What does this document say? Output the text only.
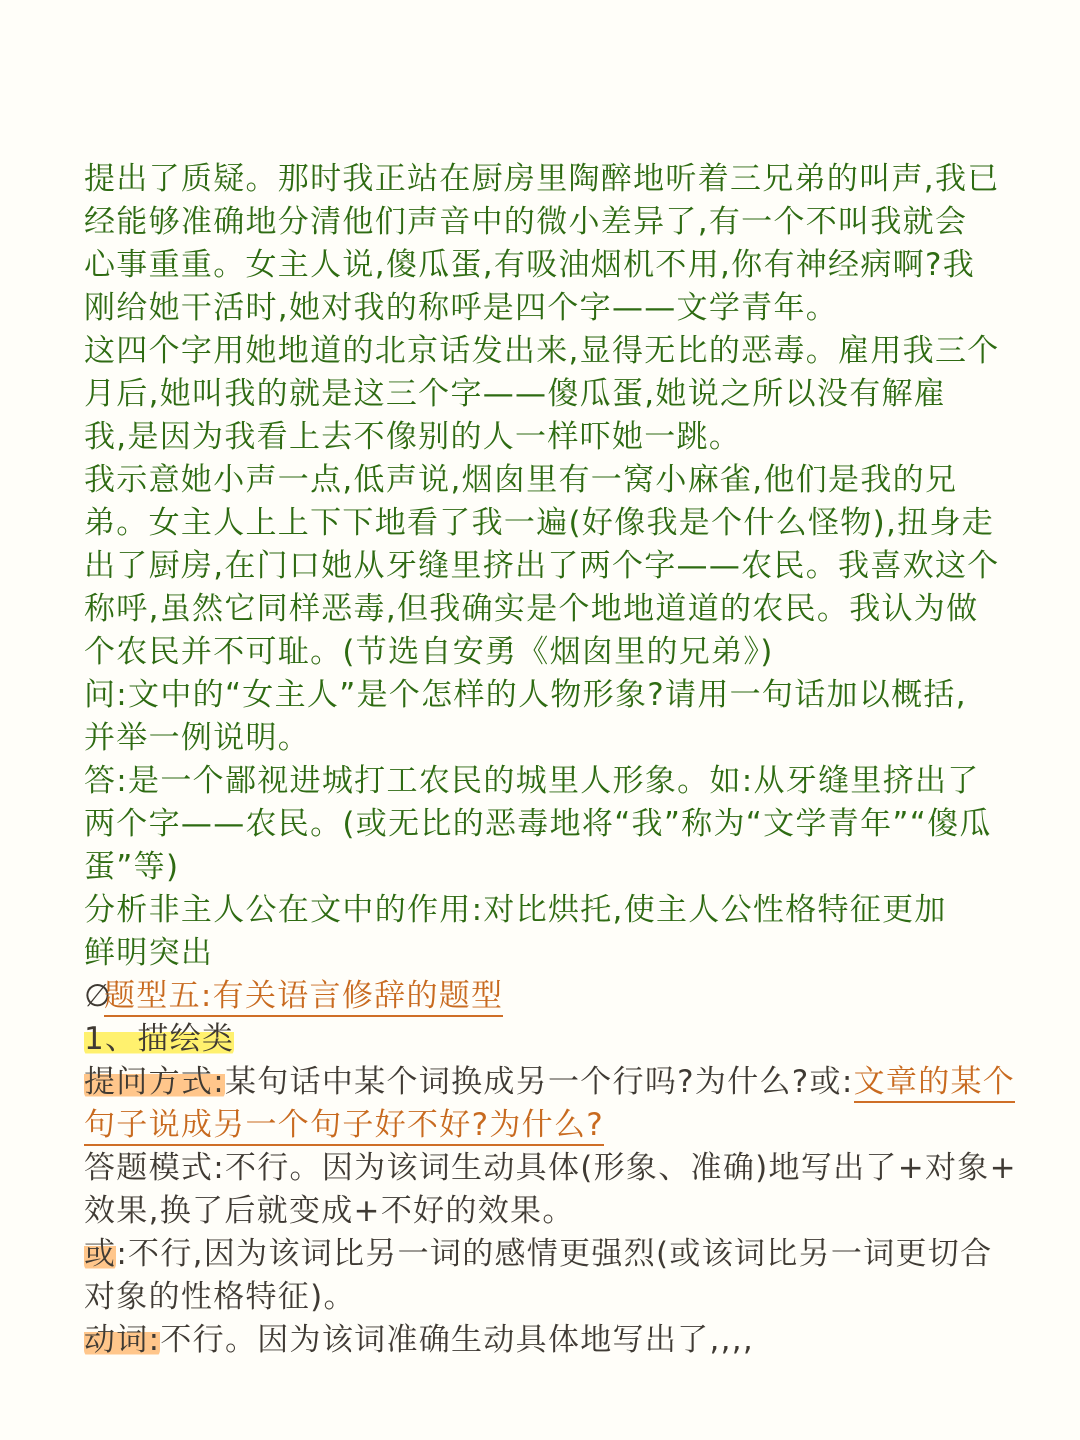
提出了质疑。那时我正站在厨房里陶醉地听着三兄弟的叫声,我已
经能够准确地分清他们声音中的微小差异了,有一个不叫我就会
心事重重。女主人说,傻瓜蛋,有吸油烟机不用,你有神经病啊?我
刚给她干活时,她对我的称呼是四个字——文学青年。
这四个字用她地道的北京话发出来,显得无比的恶毒。雇用我三个
月后,她叫我的就是这三个字——傻瓜蛋,她说之所以没有解雇
我,是因为我看上去不像别的人一样吓她一跳。
我示意她小声一点,低声说,烟囱里有一窝小麻雀,他们是我的兄
弟。女主人上上下下地看了我一遍(好像我是个什么怪物),扭身走
出了厨房,在门口她从牙缝里挤出了两个字——农民。我喜欢这个
称呼,虽然它同样恶毒,但我确实是个地地道道的农民。我认为做
个农民并不可耻。(节选自安勇《烟囱里的兄弟》)
问:文中的“女主人”是个怎样的人物形象?请用一句话加以概括,
并举一例说明。
答:是一个鄙视进城打工农民的城里人形象。如:从牙缝里挤出了
两个字——农民。(或无比的恶毒地将“我”称为“文学青年”“傻瓜
蛋”等)
分析非主人公在文中的作用:对比烘托,使主人公性格特征更加
鲜明突出
∅题型五:有关语言修辞的题型
1、描绘类
提问方式:某句话中某个词换成另一个行吗?为什么?或:文章的某个
句子说成另一个句子好不好?为什么?
答题模式:不行。因为该词生动具体(形象、准确)地写出了+对象+
效果,换了后就变成+不好的效果。
或:不行,因为该词比另一词的感情更强烈(或该词比另一词更切合
对象的性格特征)。
动词:不行。因为该词准确生动具体地写出了,,,,
